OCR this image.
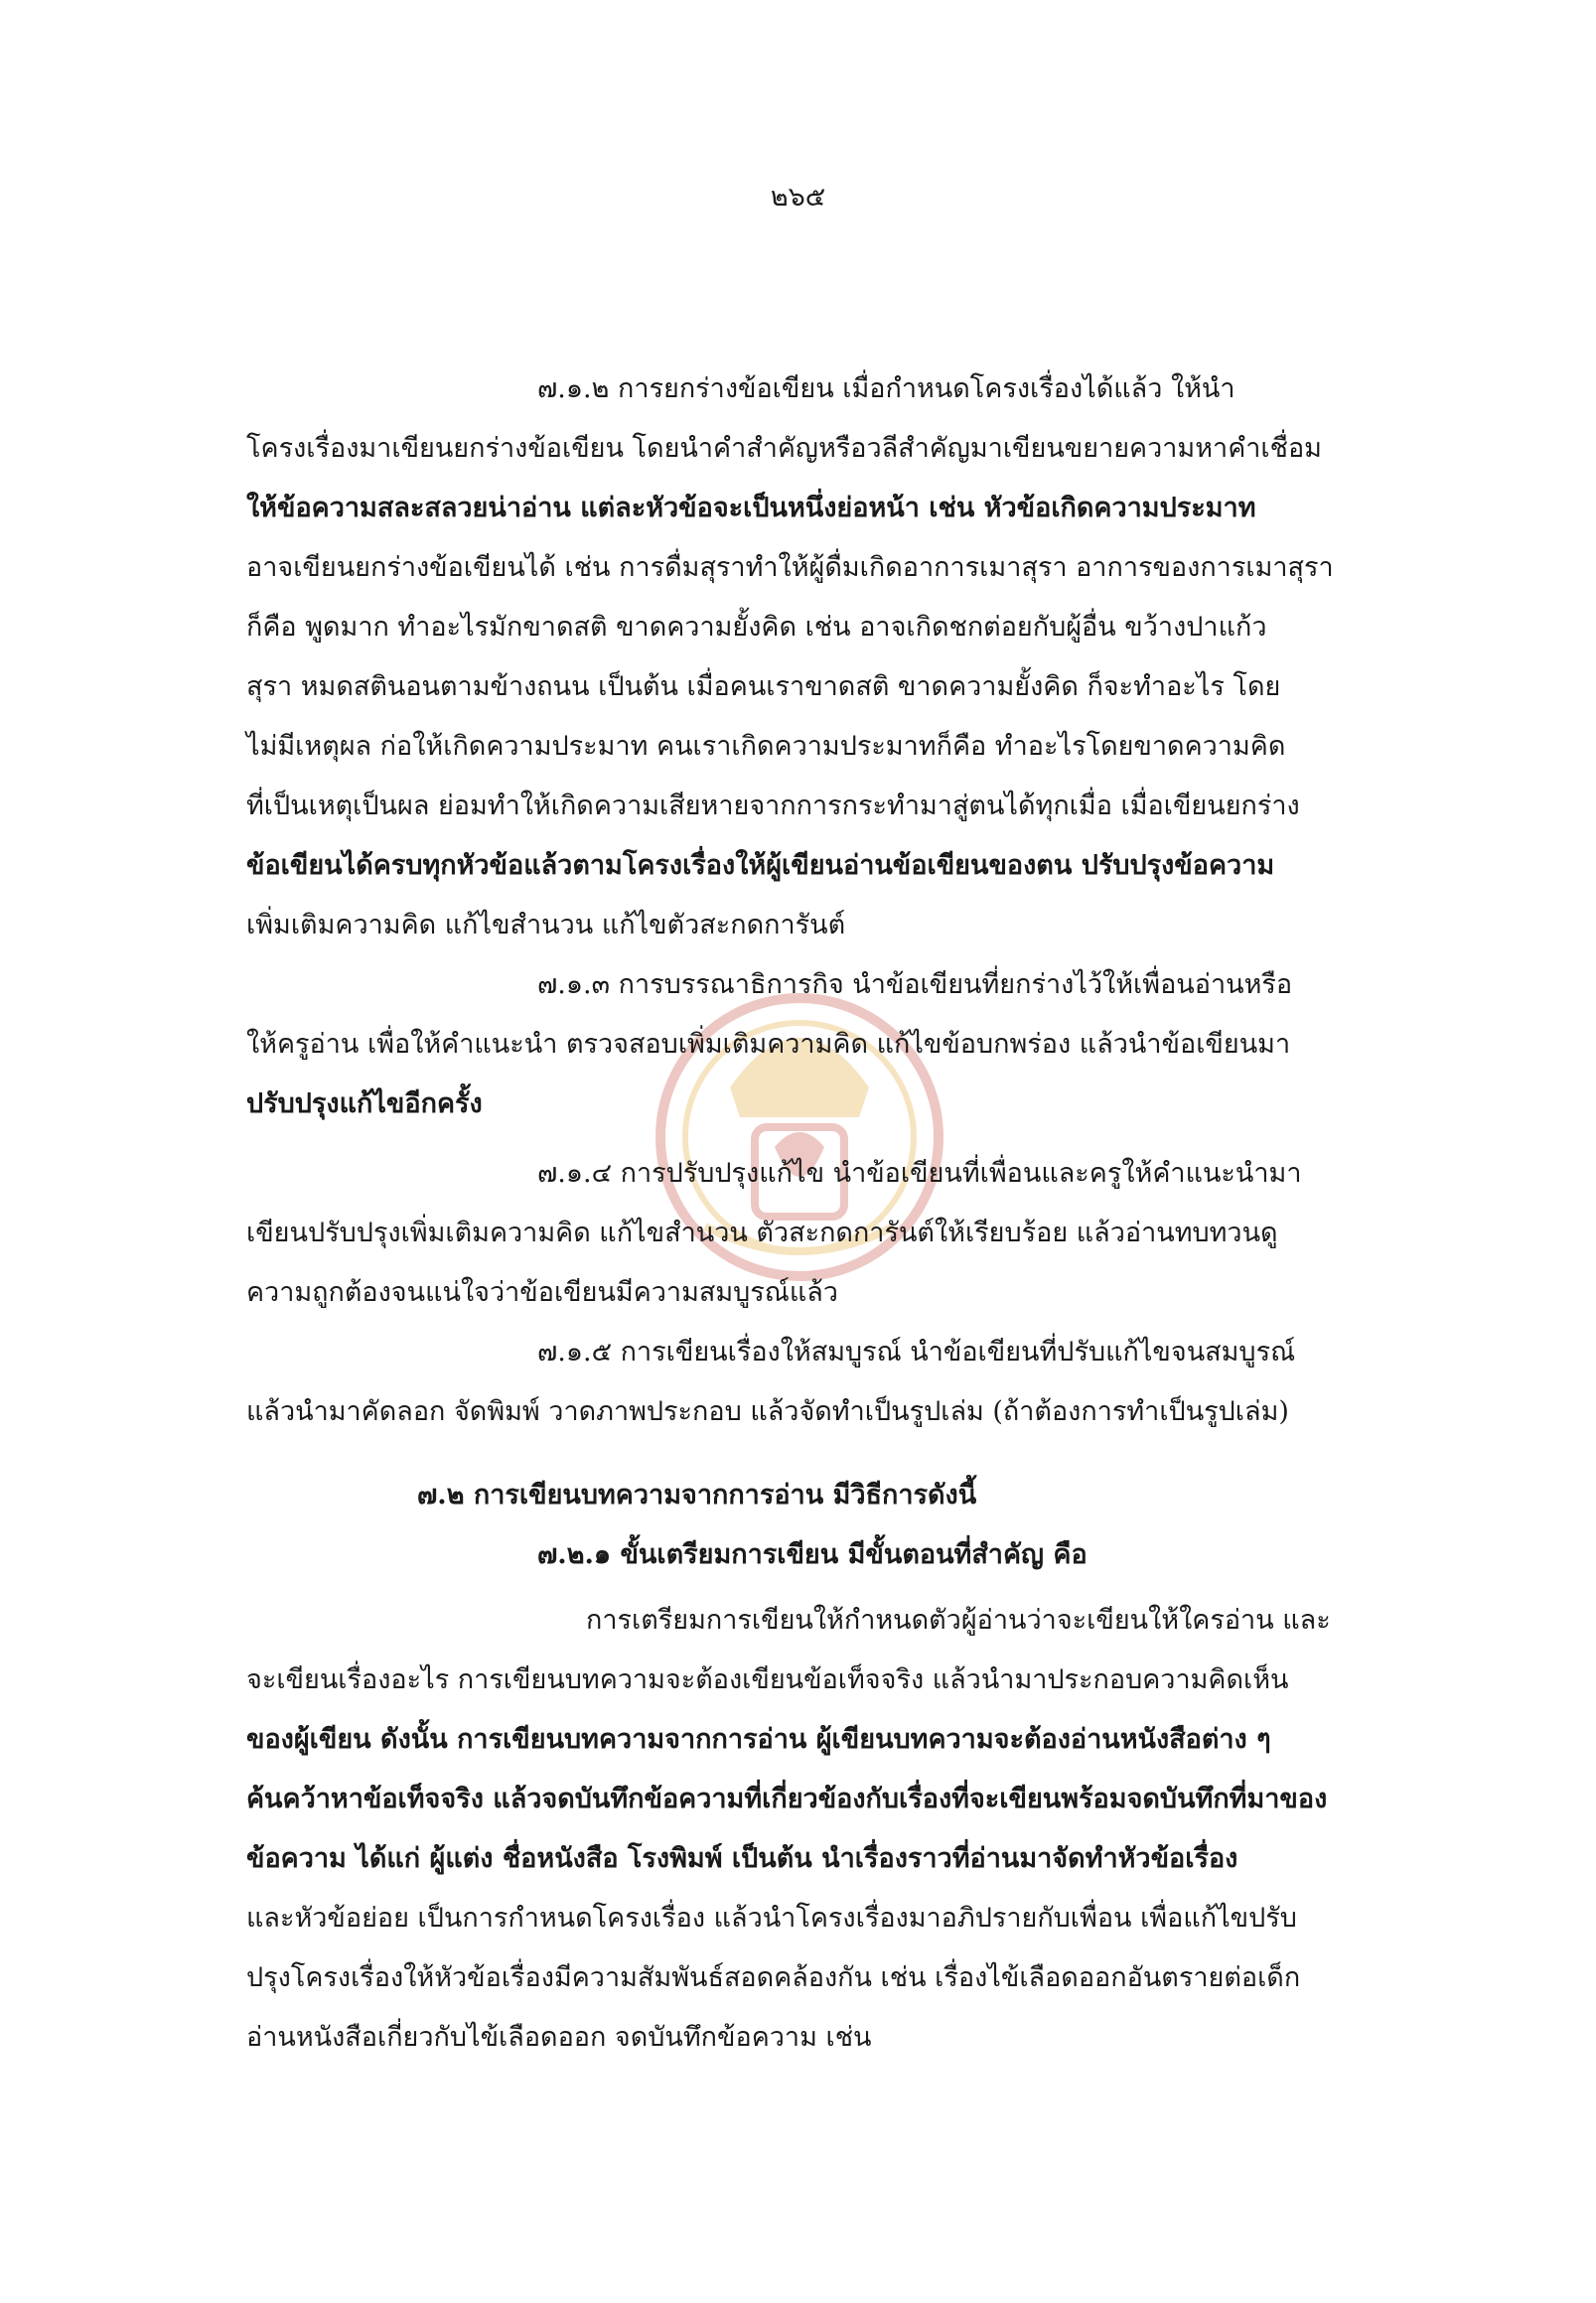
๒๖๕
๗.๑.๒ การยกร่างข้อเขียน เมื่อกำหนดโครงเรื่องได้แล้ว ให้นำ
โครงเรื่องมาเขียนยกร่างข้อเขียน โดยนำคำสำคัญหรือวลีสำคัญมาเขียนขยายความหาคำเชื่อม
ให้ข้อความสละสลวยน่าอ่าน แต่ละหัวข้อจะเป็นหนึ่งย่อหน้า เช่น หัวข้อเกิดความประมาท
อาจเขียนยกร่างข้อเขียนได้ เช่น การดื่มสุราทำให้ผู้ดื่มเกิดอาการเมาสุรา อาการของการเมาสุรา
ก็คือ พูดมาก ทำอะไรมักขาดสติ ขาดความยั้งคิด เช่น อาจเกิดชกต่อยกับผู้อื่น ขว้างปาแก้ว
สุรา หมดสตินอนตามข้างถนน เป็นต้น เมื่อคนเราขาดสติ ขาดความยั้งคิด ก็จะทำอะไร โดย
ไม่มีเหตุผล ก่อให้เกิดความประมาท คนเราเกิดความประมาทก็คือ ทำอะไรโดยขาดความคิด
ที่เป็นเหตุเป็นผล ย่อมทำให้เกิดความเสียหายจากการกระทำมาสู่ตนได้ทุกเมื่อ เมื่อเขียนยกร่าง
ข้อเขียนได้ครบทุกหัวข้อแล้วตามโครงเรื่องให้ผู้เขียนอ่านข้อเขียนของตน ปรับปรุงข้อความ
เพิ่มเติมความคิด แก้ไขสำนวน แก้ไขตัวสะกดการันต์
๗.๑.๓ การบรรณาธิการกิจ นำข้อเขียนที่ยกร่างไว้ให้เพื่อนอ่านหรือ
ให้ครูอ่าน เพื่อให้คำแนะนำ ตรวจสอบเพิ่มเติมความคิด แก้ไขข้อบกพร่อง แล้วนำข้อเขียนมา
ปรับปรุงแก้ไขอีกครั้ง
๗.๑.๔ การปรับปรุงแก้ไข นำข้อเขียนที่เพื่อนและครูให้คำแนะนำมา
เขียนปรับปรุงเพิ่มเติมความคิด แก้ไขสำนวน ตัวสะกดการันต์ให้เรียบร้อย แล้วอ่านทบทวนดู
ความถูกต้องจนแน่ใจว่าข้อเขียนมีความสมบูรณ์แล้ว
๗.๑.๕ การเขียนเรื่องให้สมบูรณ์ นำข้อเขียนที่ปรับแก้ไขจนสมบูรณ์
แล้วนำมาคัดลอก จัดพิมพ์ วาดภาพประกอบ แล้วจัดทำเป็นรูปเล่ม (ถ้าต้องการทำเป็นรูปเล่ม)
๗.๒ การเขียนบทความจากการอ่าน มีวิธีการดังนี้
๗.๒.๑ ขั้นเตรียมการเขียน มีขั้นตอนที่สำคัญ คือ
การเตรียมการเขียนให้กำหนดตัวผู้อ่านว่าจะเขียนให้ใครอ่าน และ
จะเขียนเรื่องอะไร การเขียนบทความจะต้องเขียนข้อเท็จจริง แล้วนำมาประกอบความคิดเห็น
ของผู้เขียน ดังนั้น การเขียนบทความจากการอ่าน ผู้เขียนบทความจะต้องอ่านหนังสือต่าง ๆ
ค้นคว้าหาข้อเท็จจริง แล้วจดบันทึกข้อความที่เกี่ยวข้องกับเรื่องที่จะเขียนพร้อมจดบันทึกที่มาของ
ข้อความ ได้แก่ ผู้แต่ง ชื่อหนังสือ โรงพิมพ์ เป็นต้น นำเรื่องราวที่อ่านมาจัดทำหัวข้อเรื่อง
และหัวข้อย่อย เป็นการกำหนดโครงเรื่อง แล้วนำโครงเรื่องมาอภิปรายกับเพื่อน เพื่อแก้ไขปรับ
ปรุงโครงเรื่องให้หัวข้อเรื่องมีความสัมพันธ์สอดคล้องกัน เช่น เรื่องไข้เลือดออกอันตรายต่อเด็ก
อ่านหนังสือเกี่ยวกับไข้เลือดออก จดบันทึกข้อความ เช่น
